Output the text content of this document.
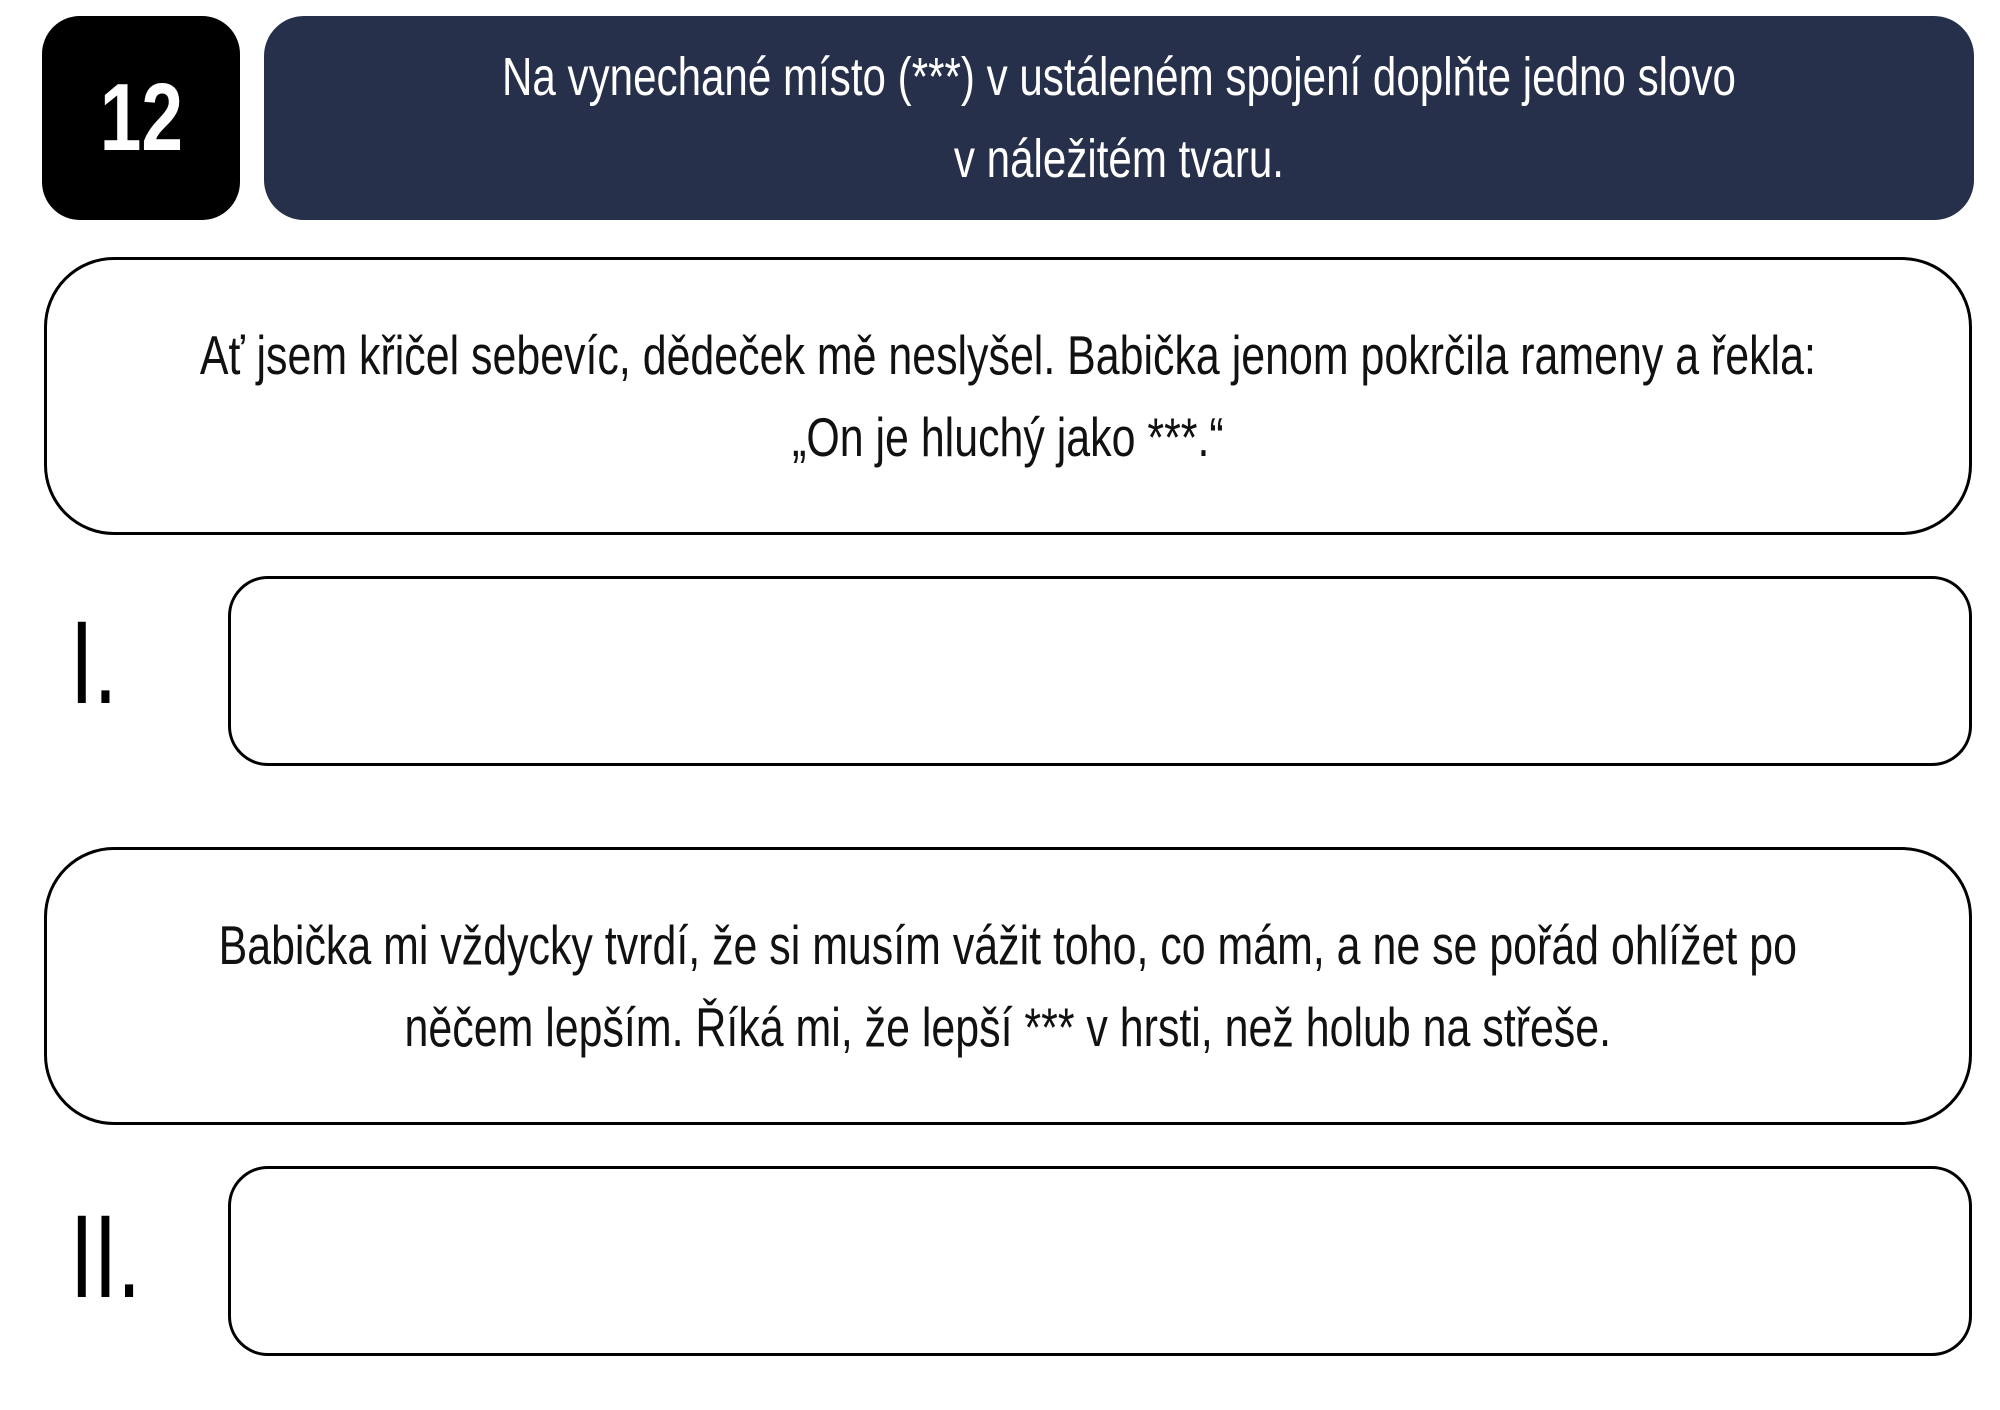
12	Na vynechané místo (***) v ustáleném spojení doplňte jedno slovo
v náležitém tvaru.
Ať jsem křičel sebevíc, dědeček mě neslyšel. Babička jenom pokrčila rameny a řekla:
„On je hluchý jako ***.“
I.
Babička mi vždycky tvrdí, že si musím vážit toho, co mám, a ne se pořád ohlížet po
něčem lepším. Říká mi, že lepší *** v hrsti, než holub na střeše.
II.
